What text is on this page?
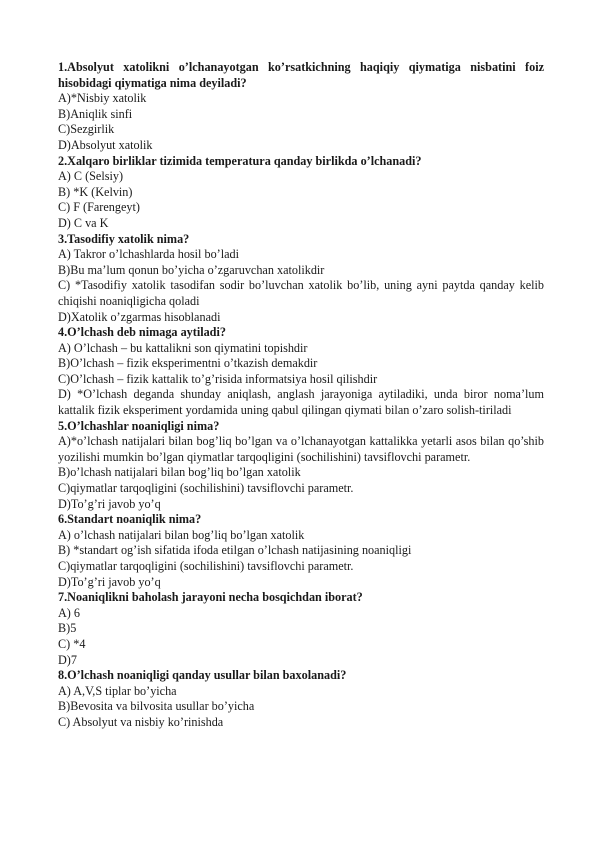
1.Absolyut xatolikni o’lchanayotgan ko’rsatkichning haqiqiy qiymatiga nisbatini foiz hisobidagi qiymatiga nima deyiladi?

A)*Nisbiy xatolik

B)Aniqlik sinfi

C)Sezgirlik

D)Absolyut xatolik

2.Xalqaro birliklar tizimida temperatura qanday birlikda o’lchanadi?

A) C (Selsiy)

B) *K (Kelvin)

C) F (Farengeyt)

D) C va K

3.Tasodifiy xatolik nima?

A) Takror o’lchashlarda hosil bo’ladi

B)Bu ma’lum qonun bo’yicha o’zgaruvchan xatolikdir

C) *Tasodifiy xatolik tasodifan sodir bo’luvchan xatolik bo’lib, uning ayni paytda qanday kelib chiqishi noaniqligicha qoladi

D)Xatolik o’zgarmas hisoblanadi

4.O’lchash deb nimaga aytiladi?

A) O’lchash – bu kattalikni son qiymatini topishdir

B)O’lchash – fizik eksperimentni o’tkazish demakdir

C)O’lchash – fizik kattalik to’g’risida informatsiya hosil qilishdir

D) *O’lchash deganda shunday aniqlash, anglash jarayoniga aytiladiki, unda biror noma’lum kattalik fizik eksperiment yordamida uning qabul qilingan qiymati bilan o’zaro solish-tiriladi

5.O’lchashlar noaniqligi nima?

A)*o’lchash natijalari bilan bog’liq bo’lgan va o’lchanayotgan kattalikka yetarli asos bilan qo’shib yozilishi mumkin bo’lgan qiymatlar tarqoqligini (sochilishini) tavsiflovchi parametr.

B)o’lchash natijalari bilan bog’liq bo’lgan xatolik

C)qiymatlar tarqoqligini (sochilishini) tavsiflovchi parametr.

D)To’g’ri javob yo’q

6.Standart noaniqlik nima?

A) o’lchash natijalari bilan bog’liq bo’lgan xatolik

B) *standart og’ish sifatida ifoda etilgan o’lchash natijasining noaniqligi

C)qiymatlar tarqoqligini (sochilishini) tavsiflovchi parametr.

D)To’g’ri javob yo’q

7.Noaniqlikni baholash jarayoni necha bosqichdan iborat?

A) 6

B)5

C) *4

D)7

8.O’lchash noaniqligi qanday usullar bilan baxolanadi?

A) A,V,S tiplar bo’yicha

B)Bevosita va bilvosita usullar bo’yicha

C) Absolyut va nisbiy ko’rinishda
